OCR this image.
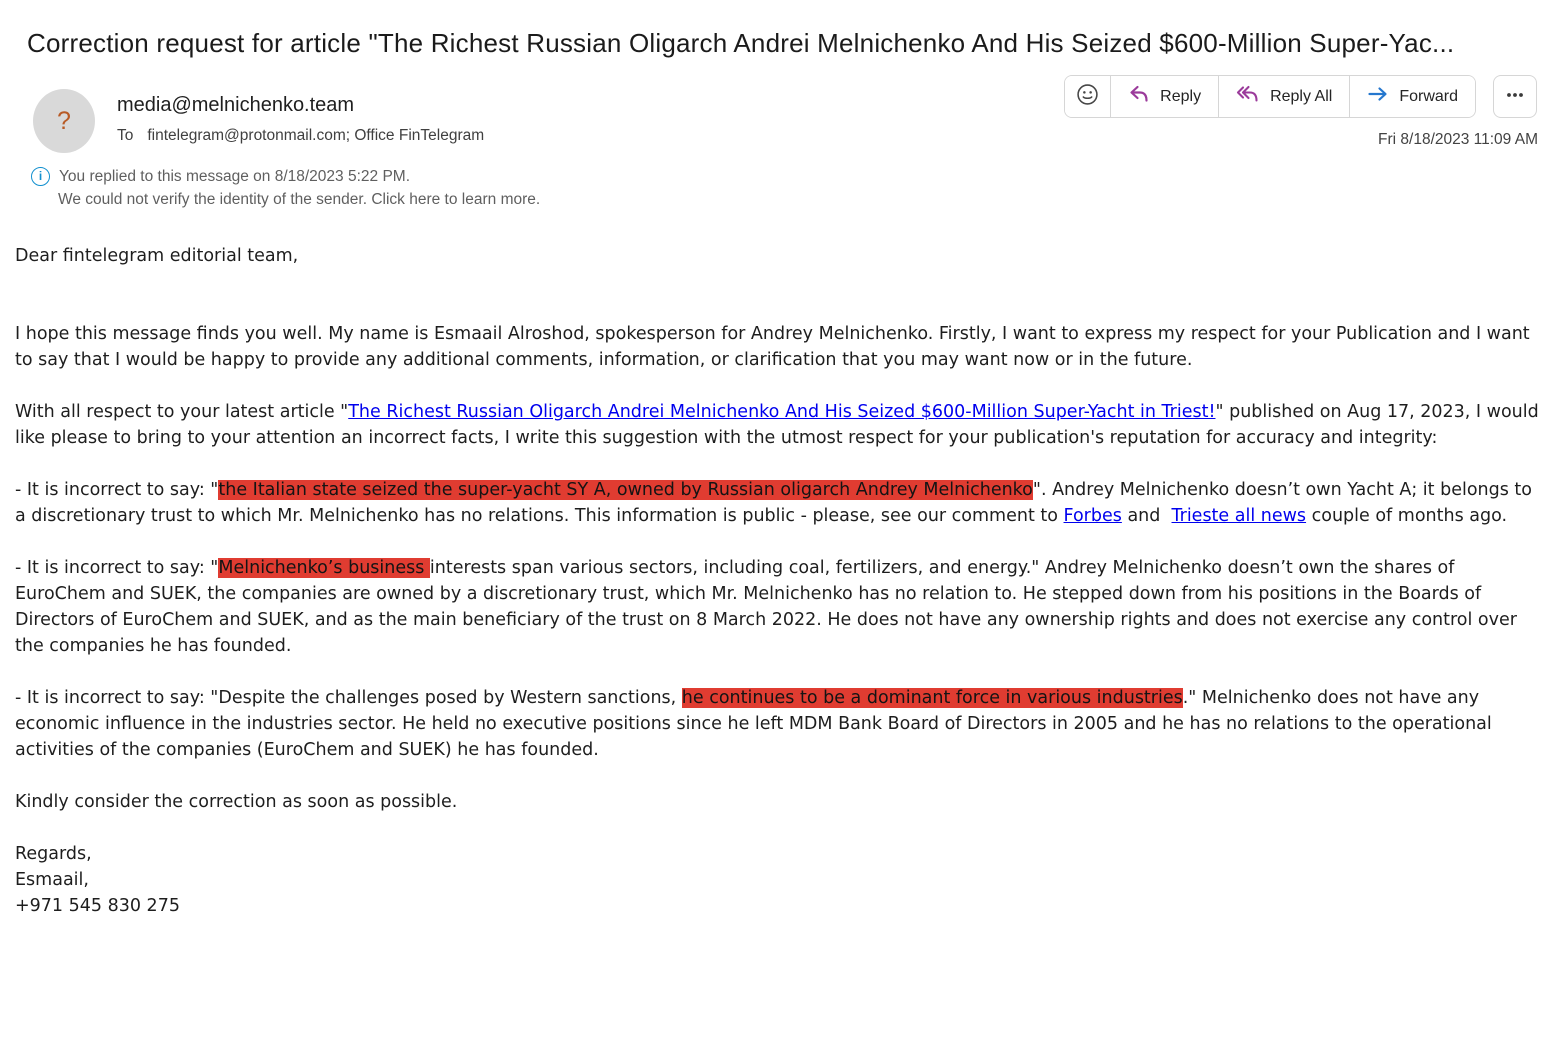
Correction request for article "The Richest Russian Oligarch Andrei Melnichenko And His Seized $600-Million Super-Yac...
?
media@melnichenko.team
To fintelegram@protonmail.com; Office FinTelegram
Reply	Reply All	Forward
Fri 8/18/2023 11:09 AM
i	You replied to this message on 8/18/2023 5:22 PM.
We could not verify the identity of the sender. Click here to learn more.

Dear fintelegram editorial team,

I hope this message finds you well. My name is Esmaail Alroshod, spokesperson for Andrey Melnichenko. Firstly, I want to express my respect for your Publication and I want to say that I would be happy to provide any additional comments, information, or clarification that you may want now or in the future.

With all respect to your latest article "The Richest Russian Oligarch Andrei Melnichenko And His Seized $600-Million Super-Yacht in Triest!" published on Aug 17, 2023, I would like please to bring to your attention an incorrect facts, I write this suggestion with the utmost respect for your publication's reputation for accuracy and integrity:

- It is incorrect to say: "the Italian state seized the super-yacht SY A, owned by Russian oligarch Andrey Melnichenko". Andrey Melnichenko doesn’t own Yacht A; it belongs to a discretionary trust to which Mr. Melnichenko has no relations. This information is public - please, see our comment to Forbes and  Trieste all news couple of months ago.

- It is incorrect to say: "Melnichenko’s business interests span various sectors, including coal, fertilizers, and energy." Andrey Melnichenko doesn’t own the shares of EuroChem and SUEK, the companies are owned by a discretionary trust, which Mr. Melnichenko has no relation to. He stepped down from his positions in the Boards of Directors of EuroChem and SUEK, and as the main beneficiary of the trust on 8 March 2022. He does not have any ownership rights and does not exercise any control over the companies he has founded.

- It is incorrect to say: "Despite the challenges posed by Western sanctions, he continues to be a dominant force in various industries." Melnichenko does not have any economic influence in the industries sector. He held no executive positions since he left MDM Bank Board of Directors in 2005 and he has no relations to the operational activities of the companies (EuroChem and SUEK) he has founded.

Kindly consider the correction as soon as possible.

Regards,

Esmaail,

+971 545 830 275
